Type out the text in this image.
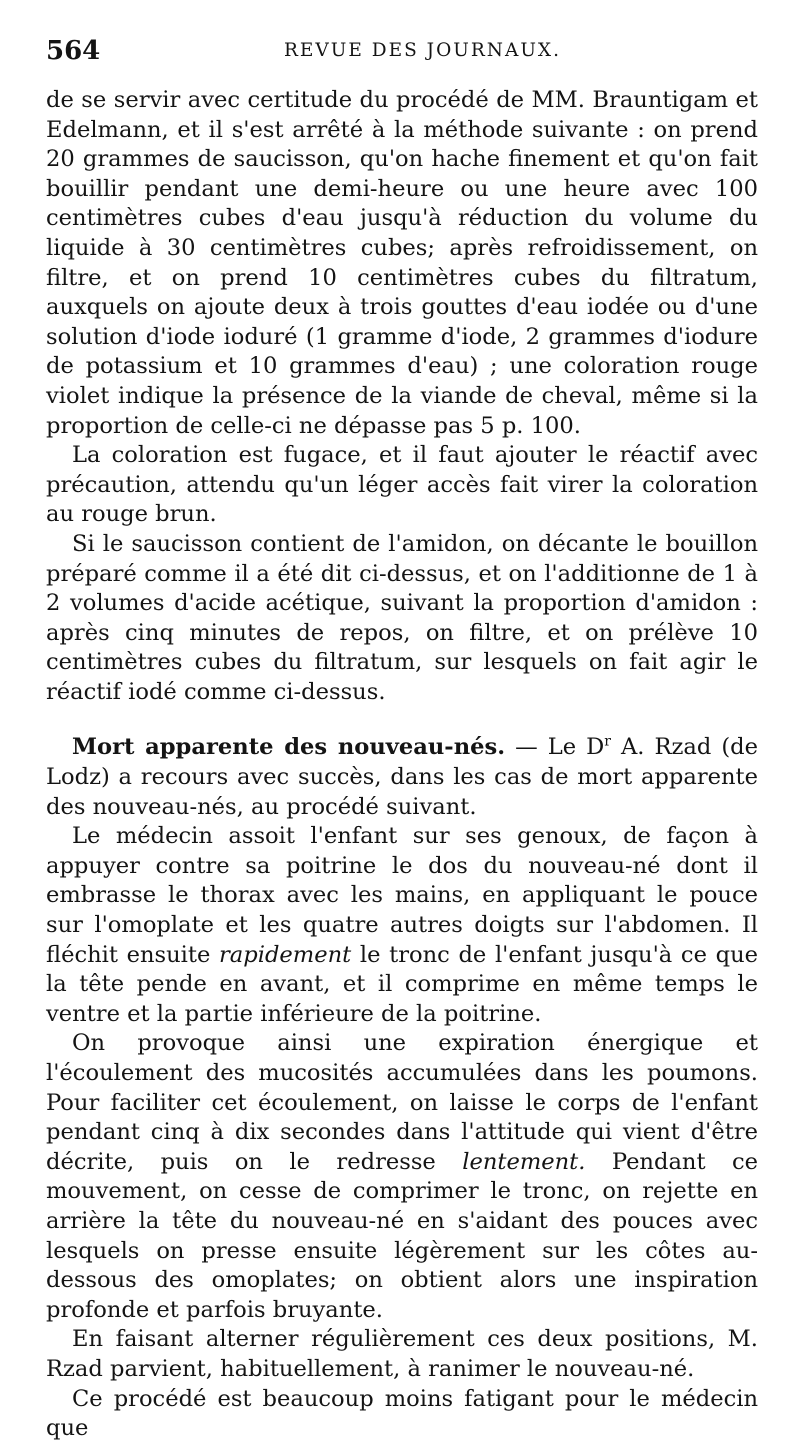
564	REVUE DES JOURNAUX.

de se servir avec certitude du procédé de MM. Brauntigam et Edelmann, et il s'est arrêté à la méthode suivante : on prend 20 grammes de saucisson, qu'on hache finement et qu'on fait bouillir pendant une demi-heure ou une heure avec 100 centimètres cubes d'eau jusqu'à réduction du volume du liquide à 30 centimètres cubes; après refroidissement, on filtre, et on prend 10 centimètres cubes du filtratum, auxquels on ajoute deux à trois gouttes d'eau iodée ou d'une solution d'iode ioduré (1 gramme d'iode, 2 grammes d'iodure de potassium et 10 grammes d'eau) ; une coloration rouge violet indique la présence de la viande de cheval, même si la proportion de celle-ci ne dépasse pas 5 p. 100.

La coloration est fugace, et il faut ajouter le réactif avec précaution, attendu qu'un léger accès fait virer la coloration au rouge brun.

Si le saucisson contient de l'amidon, on décante le bouillon préparé comme il a été dit ci-dessus, et on l'additionne de 1 à 2 volumes d'acide acétique, suivant la proportion d'amidon : après cinq minutes de repos, on filtre, et on prélève 10 centimètres cubes du filtratum, sur lesquels on fait agir le réactif iodé comme ci-dessus.

Mort apparente des nouveau-nés. — Le $D^r$ A. Rzad (de Lodz) a recours avec succès, dans les cas de mort apparente des nouveau-nés, au procédé suivant.

Le médecin assoit l'enfant sur ses genoux, de façon à appuyer contre sa poitrine le dos du nouveau-né dont il embrasse le thorax avec les mains, en appliquant le pouce sur l'omoplate et les quatre autres doigts sur l'abdomen. Il fléchit ensuite rapidement le tronc de l'enfant jusqu'à ce que la tête pende en avant, et il comprime en même temps le ventre et la partie inférieure de la poitrine.

On provoque ainsi une expiration énergique et l'écoulement des mucosités accumulées dans les poumons. Pour faciliter cet écoulement, on laisse le corps de l'enfant pendant cinq à dix secondes dans l'attitude qui vient d'être décrite, puis on le redresse lentement. Pendant ce mouvement, on cesse de comprimer le tronc, on rejette en arrière la tête du nouveau-né en s'aidant des pouces avec lesquels on presse ensuite légèrement sur les côtes au-dessous des omoplates; on obtient alors une inspiration profonde et parfois bruyante.

En faisant alterner régulièrement ces deux positions, M. Rzad parvient, habituellement, à ranimer le nouveau-né.

Ce procédé est beaucoup moins fatigant pour le médecin que
